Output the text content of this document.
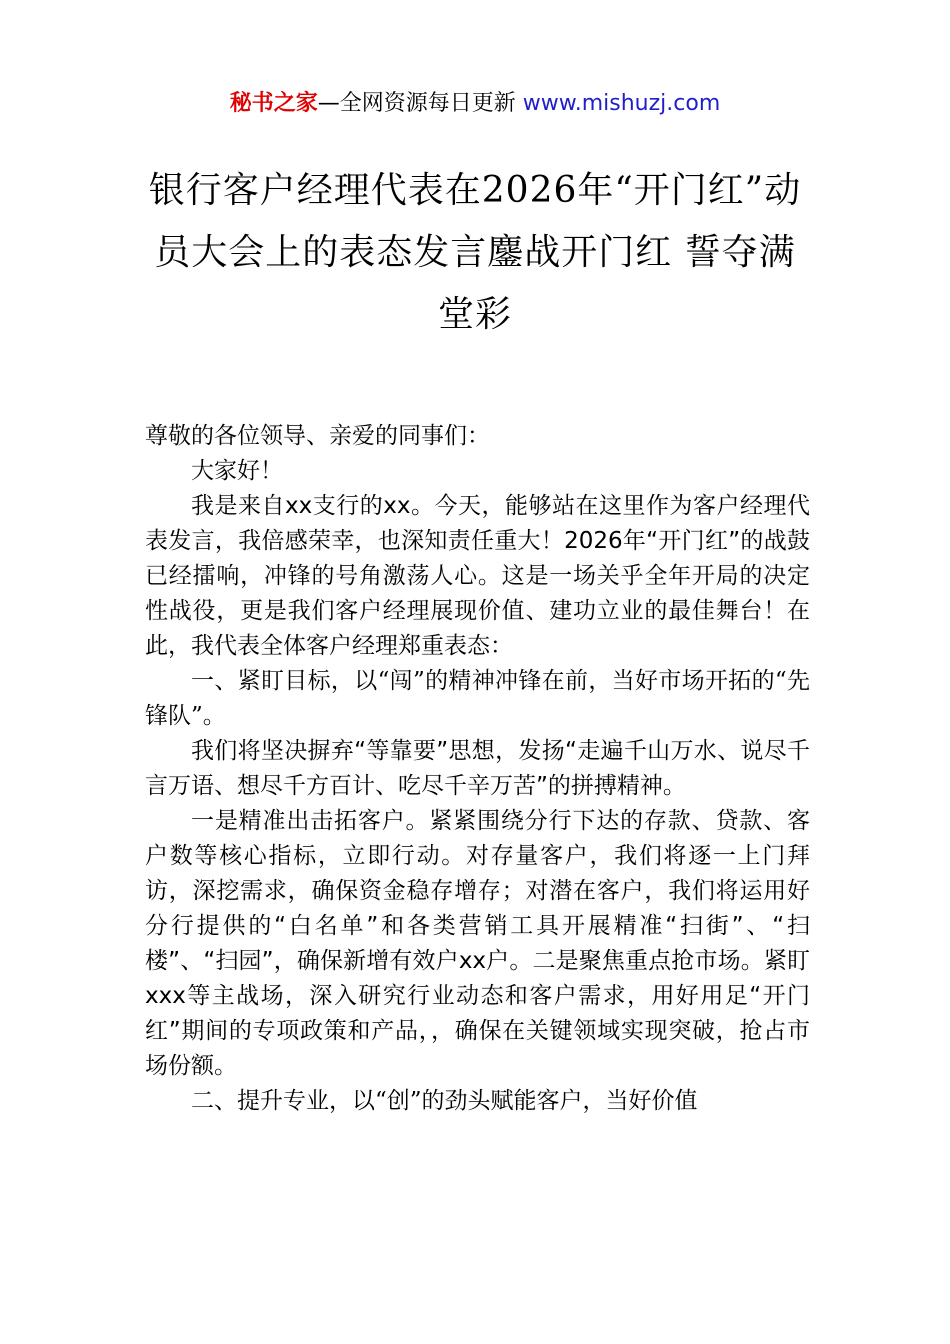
秘书之家—全网资源每日更新 www.mishuzj.com
银行客户经理代表在2026年“开门红”动员大会上的表态发言鏖战开门红 誓夺满堂彩

尊敬的各位领导、亲爱的同事们：

大家好！

我是来自xx支行的xx。今天，能够站在这里作为客户经理代表发言，我倍感荣幸，也深知责任重大！2026年“开门红”的战鼓已经擂响，冲锋的号角激荡人心。这是一场关乎全年开局的决定性战役，更是我们客户经理展现价值、建功立业的最佳舞台！在此，我代表全体客户经理郑重表态：

一、紧盯目标，以“闯”的精神冲锋在前，当好市场开拓的“先锋队”。

我们将坚决摒弃“等靠要”思想，发扬“走遍千山万水、说尽千言万语、想尽千方百计、吃尽千辛万苦”的拼搏精神。

一是精准出击拓客户。紧紧围绕分行下达的存款、贷款、客户数等核心指标，立即行动。对存量客户，我们将逐一上门拜访，深挖需求，确保资金稳存增存；对潜在客户，我们将运用好分行提供的“白名单”和各类营销工具开展精准“扫街”、“扫楼”、“扫园”，确保新增有效户xx户。二是聚焦重点抢市场。紧盯xxx等主战场，深入研究行业动态和客户需求，用好用足“开门红”期间的专项政策和产品，，确保在关键领域实现突破，抢占市场份额。

二、提升专业，以“创”的劲头赋能客户，当好价值
